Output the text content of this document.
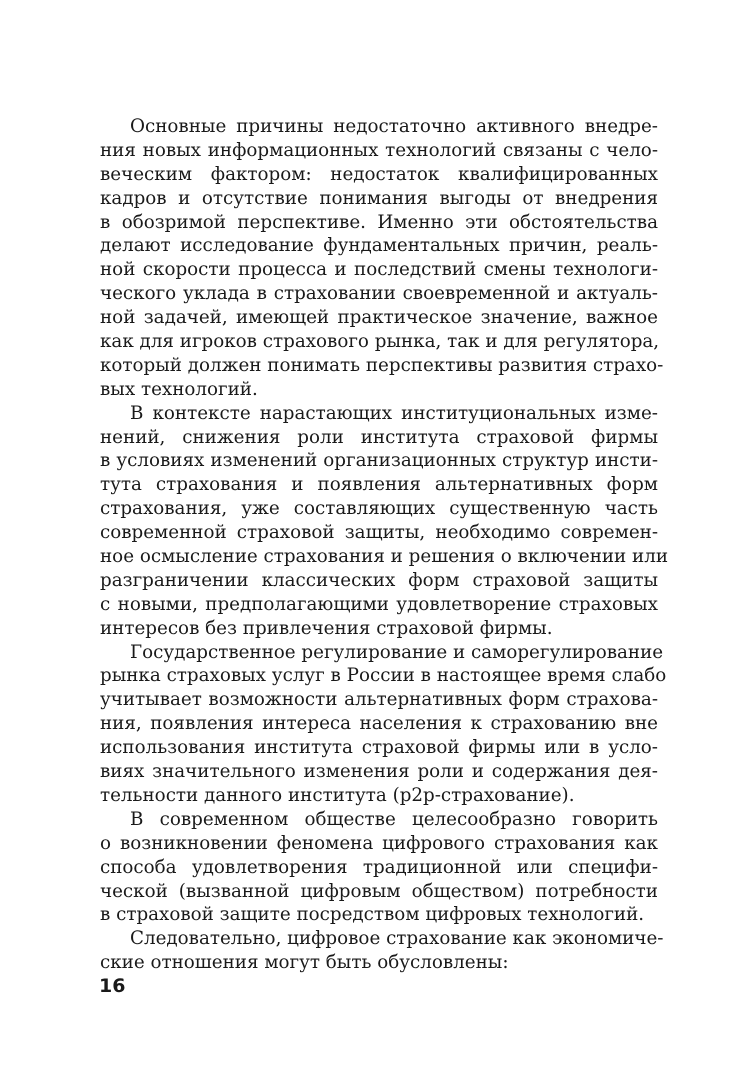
Основные причины недостаточно активного внедре-
ния новых информационных технологий связаны с чело-
веческим фактором: недостаток квалифицированных
кадров и отсутствие понимания выгоды от внедрения
в обозримой перспективе. Именно эти обстоятельства
делают исследование фундаментальных причин, реаль-
ной скорости процесса и последствий смены технологи-
ческого уклада в страховании своевременной и актуаль-
ной задачей, имеющей практическое значение, важное
как для игроков страхового рынка, так и для регулятора,
который должен понимать перспективы развития страхо-
вых технологий.
В контексте нарастающих институциональных изме-
нений, снижения роли института страховой фирмы
в условиях изменений организационных структур инсти-
тута страхования и появления альтернативных форм
страхования, уже составляющих существенную часть
современной страховой защиты, необходимо современ-
ное осмысление страхования и решения о включении или
разграничении классических форм страховой защиты
с новыми, предполагающими удовлетворение страховых
интересов без привлечения страховой фирмы.
Государственное регулирование и саморегулирование
рынка страховых услуг в России в настоящее время слабо
учитывает возможности альтернативных форм страхова-
ния, появления интереса населения к страхованию вне
использования института страховой фирмы или в усло-
виях значительного изменения роли и содержания дея-
тельности данного института (p2p-страхование).
В современном обществе целесообразно говорить
о возникновении феномена цифрового страхования как
способа удовлетворения традиционной или специфи-
ческой (вызванной цифровым обществом) потребности
в страховой защите посредством цифровых технологий.
Следовательно, цифровое страхование как экономиче-
ские отношения могут быть обусловлены:
16
